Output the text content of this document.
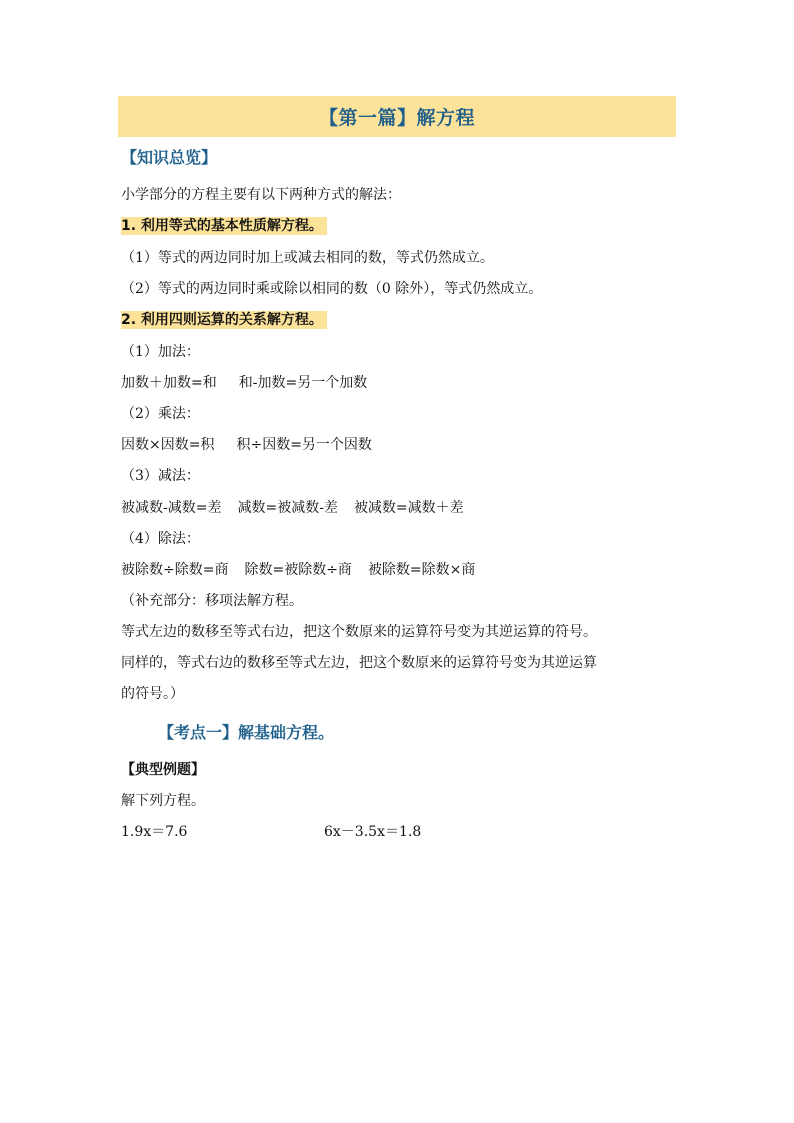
【第一篇】解方程
【知识总览】
小学部分的方程主要有以下两种方式的解法：
1. 利用等式的基本性质解方程。
（1）等式的两边同时加上或减去相同的数，等式仍然成立。
（2）等式的两边同时乘或除以相同的数（0 除外），等式仍然成立。
2. 利用四则运算的关系解方程。
（1）加法：
加数＋加数=和 和-加数=另一个加数
（2）乘法：
因数×因数=积 积÷因数=另一个因数
（3）减法：
被减数-减数=差 减数=被减数-差 被减数=减数＋差
（4）除法：
被除数÷除数=商 除数=被除数÷商 被除数=除数×商
（补充部分：移项法解方程。
等式左边的数移至等式右边，把这个数原来的运算符号变为其逆运算的符号。
同样的，等式右边的数移至等式左边，把这个数原来的运算符号变为其逆运算
的符号。）
【考点一】解基础方程。
【典型例题】
解下列方程。
1.9x＝7.6	6x－3.5x＝1.8
